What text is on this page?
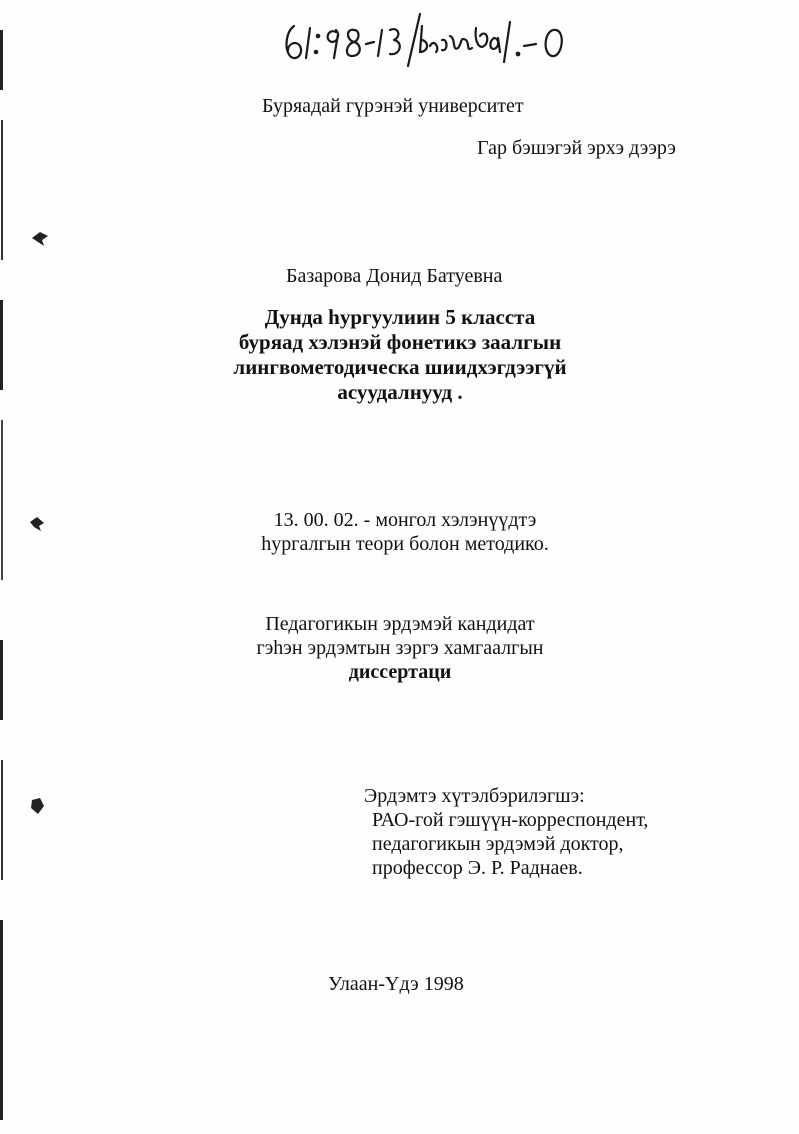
Буряадай гүрэнэй университет
Гар бэшэгэй эрхэ дээрэ
Базарова Донид Батуевна
Дунда һургуулиин 5 класста
буряад хэлэнэй фонетикэ заалгын
лингвометодическа шиидхэгдээгүй
асуудалнууд .
13. 00. 02. - монгол хэлэнүүдтэ
һургалгын теори болон методико.
Педагогикын эрдэмэй кандидат
гэһэн эрдэмтын зэргэ хамгаалгын
диссертаци
Эрдэмтэ хүтэлбэрилэгшэ:
РАО-гой гэшүүн-корреспондент,
педагогикын эрдэмэй доктор,
профессор Э. Р. Раднаев.
Улаан-Үдэ 1998
